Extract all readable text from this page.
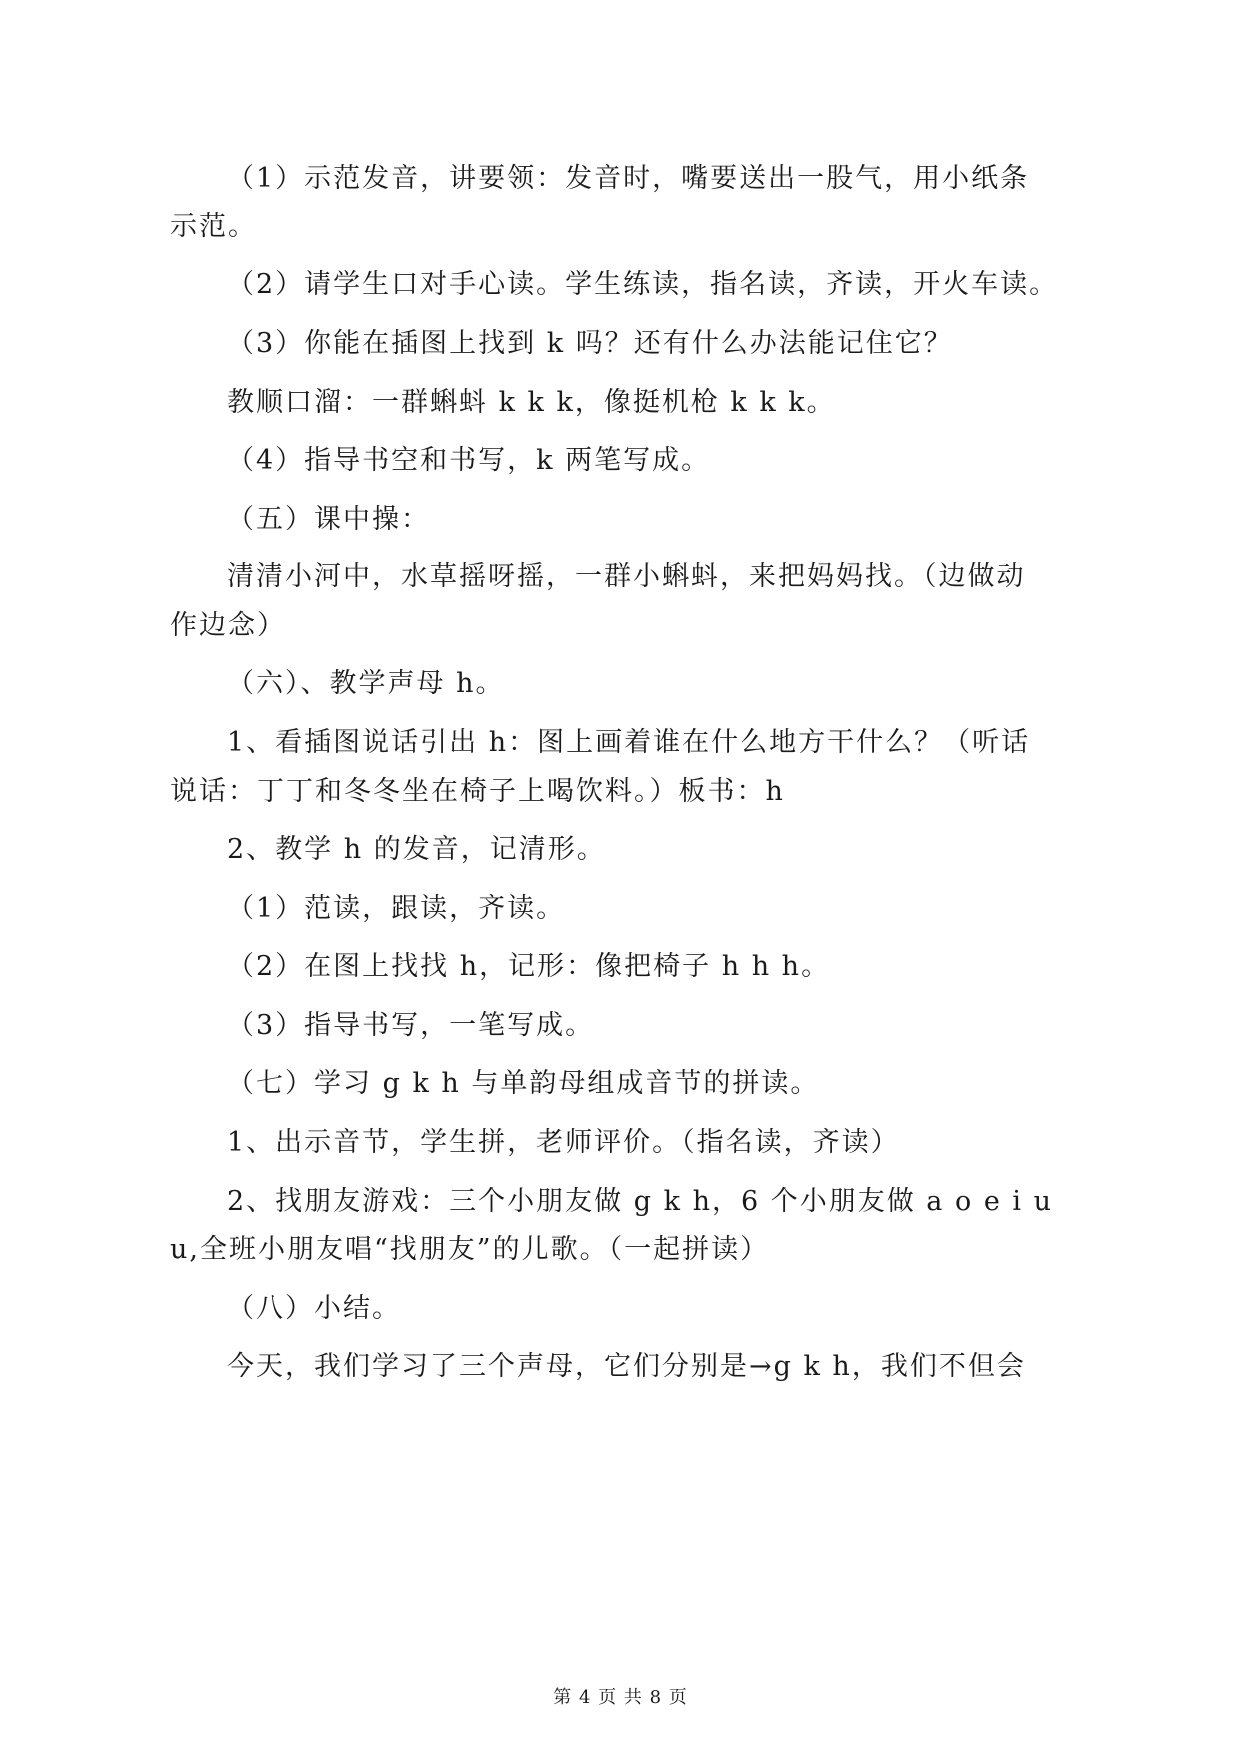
（1）示范发音，讲要领：发音时，嘴要送出一股气，用小纸条
示范。
（2）请学生口对手心读。学生练读，指名读，齐读，开火车读。
（3）你能在插图上找到 k 吗？还有什么办法能记住它？
教顺口溜：一群蝌蚪 k k k，像挺机枪 k k k。
（4）指导书空和书写，k 两笔写成。
（五）课中操：
清清小河中，水草摇呀摇，一群小蝌蚪，来把妈妈找。（边做动
作边念）
（六）、教学声母 h。
1、看插图说话引出 h：图上画着谁在什么地方干什么？（听话
说话：丁丁和冬冬坐在椅子上喝饮料。）板书：h
2、教学 h 的发音，记清形。
（1）范读，跟读，齐读。
（2）在图上找找 h，记形：像把椅子 h h h。
（3）指导书写，一笔写成。
（七）学习 g k h 与单韵母组成音节的拼读。
1、出示音节，学生拼，老师评价。（指名读，齐读）
2、找朋友游戏：三个小朋友做 g k h，6 个小朋友做 a o e i u
u,全班小朋友唱“找朋友”的儿歌。（一起拼读）
（八）小结。
今天，我们学习了三个声母，它们分别是→g k h，我们不但会
第 4 页 共 8 页
